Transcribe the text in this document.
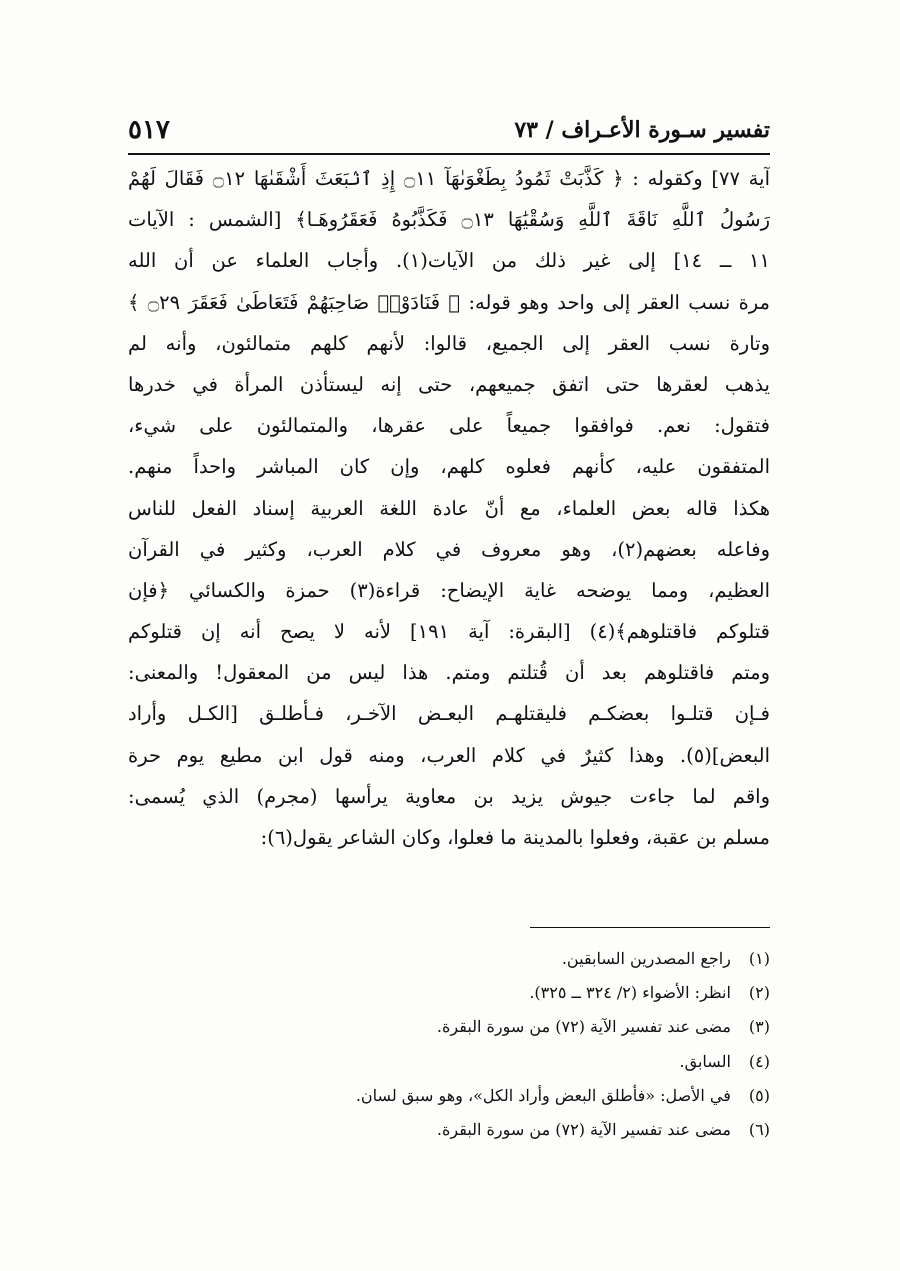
تفسير سـورة الأعـراف / ٧٣
٥١٧
آية ٧٧] وكقوله : ﴿ كَذَّبَتْ ثَمُودُ بِطَغْوَىٰهَآ ۝١١ إِذِ ٱنۢبَعَثَ أَشْقَىٰهَا ۝١٢ فَقَالَ لَهُمْ
رَسُولُ ٱللَّهِ نَاقَةَ ٱللَّهِ وَسُقْيَٰهَا ۝١٣ فَكَذَّبُوهُ فَعَقَرُوهَـا﴾ [الشمس : الآيات
١١ ــ ١٤] إلى غير ذلك من الآيات(١). وأجاب العلماء عن أن الله
مرة نسب العقر إلى واحد وهو قوله: ﴿ فَنَادَوْا۟ صَاحِبَهُمْ فَتَعَاطَىٰ فَعَقَرَ ۝٢٩ ﴾
وتارة نسب العقر إلى الجميع، قالوا: لأنهم كلهم متمالئون، وأنه لم
يذهب لعقرها حتى اتفق جميعهم، حتى إنه ليستأذن المرأة في خدرها
فتقول: نعم. فوافقوا جميعاً على عقرها، والمتمالئون على شيء،
المتفقون عليه، كأنهم فعلوه كلهم، وإن كان المباشر واحداً منهم.
هكذا قاله بعض العلماء، مع أنّ عادة اللغة العربية إسناد الفعل للناس
وفاعله بعضهم(٢)، وهو معروف في كلام العرب، وكثير في القرآن
العظيم، ومما يوضحه غاية الإيضاح: قراءة(٣) حمزة والكسائي ﴿فإن
قتلوكم فاقتلوهم﴾(٤) [البقرة: آية ١٩١] لأنه لا يصح أنه إن قتلوكم
ومتم فاقتلوهم بعد أن قُتلتم ومتم. هذا ليس من المعقول! والمعنى:
فـإن قتلـوا بعضكـم فليقتلهـم البعـض الآخـر، فـأطلـق [الكـل وأراد
البعض](٥). وهذا كثيرٌ في كلام العرب، ومنه قول ابن مطيع يوم حرة
واقم لما جاءت جيوش يزيد بن معاوية يرأسها (مجرم) الذي يُسمى:
مسلم بن عقبة، وفعلوا بالمدينة ما فعلوا، وكان الشاعر يقول(٦):
(١) راجع المصدرين السابقين.
(٢) انظر: الأضواء (٢/ ٣٢٤ ــ ٣٢٥).
(٣) مضى عند تفسير الآية (٧٢) من سورة البقرة.
(٤) السابق.
(٥) في الأصل: «فأطلق البعض وأراد الكل»، وهو سبق لسان.
(٦) مضى عند تفسير الآية (٧٢) من سورة البقرة.
